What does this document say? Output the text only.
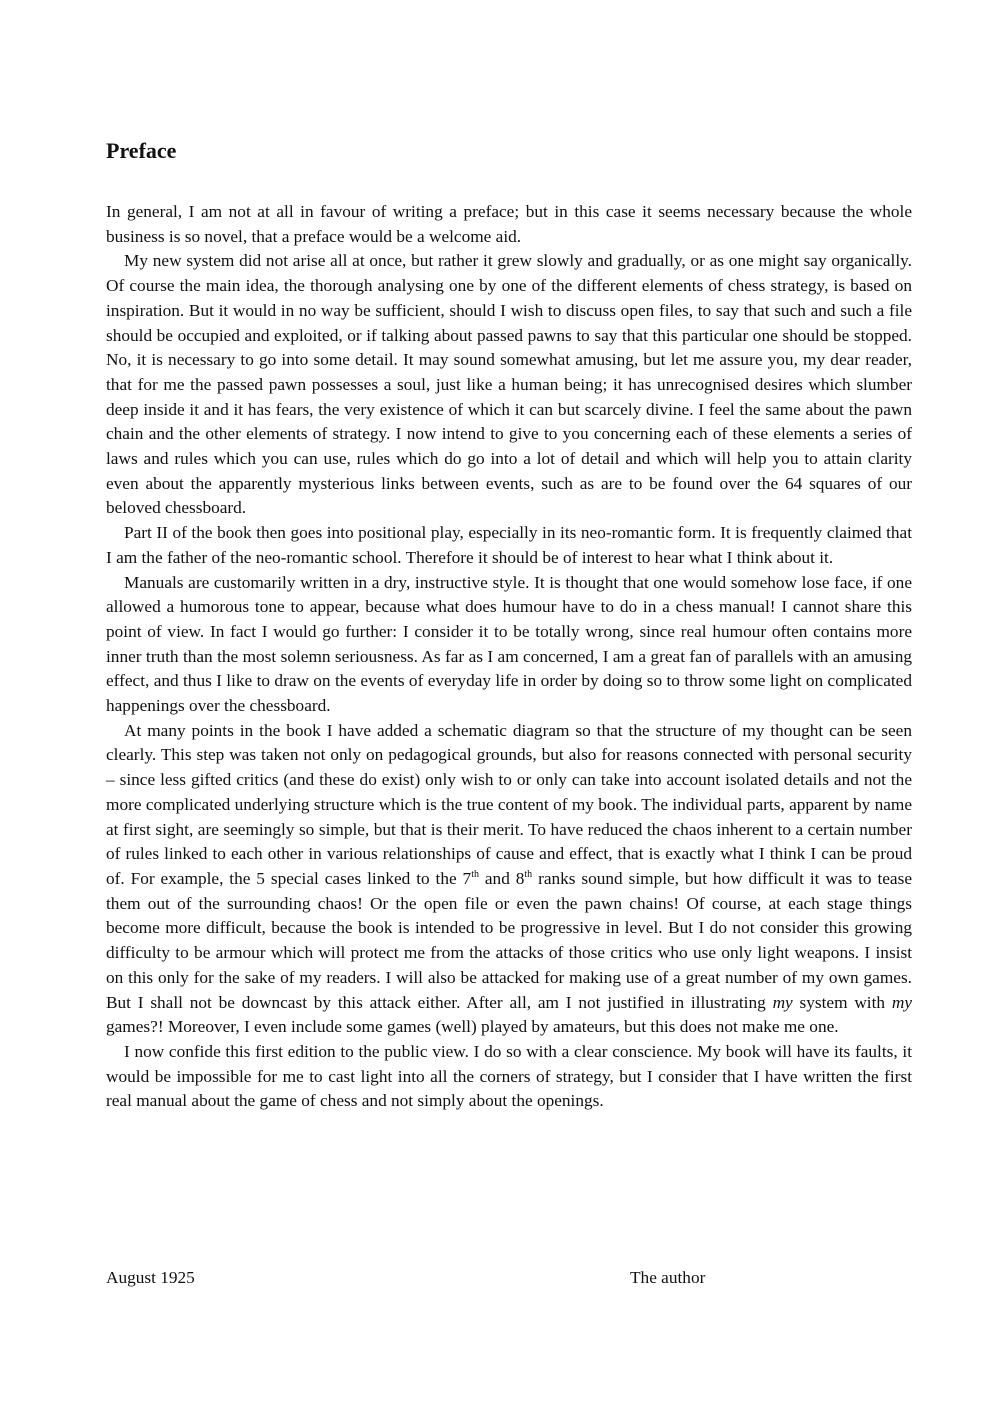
Preface

In general, I am not at all in favour of writing a preface; but in this case it seems necessary because the whole business is so novel, that a preface would be a welcome aid.

My new system did not arise all at once, but rather it grew slowly and gradually, or as one might say organically. Of course the main idea, the thorough analysing one by one of the different elements of chess strategy, is based on inspiration. But it would in no way be sufficient, should I wish to discuss open files, to say that such and such a file should be occupied and exploited, or if talking about passed pawns to say that this particular one should be stopped. No, it is necessary to go into some detail. It may sound somewhat amusing, but let me assure you, my dear reader, that for me the passed pawn possesses a soul, just like a human being; it has unrecognised desires which slumber deep inside it and it has fears, the very existence of which it can but scarcely divine. I feel the same about the pawn chain and the other elements of strategy. I now intend to give to you concerning each of these elements a series of laws and rules which you can use, rules which do go into a lot of detail and which will help you to attain clarity even about the apparently mysterious links between events, such as are to be found over the 64 squares of our beloved chessboard.

Part II of the book then goes into positional play, especially in its neo-romantic form. It is frequently claimed that I am the father of the neo-romantic school. Therefore it should be of interest to hear what I think about it.

Manuals are customarily written in a dry, instructive style. It is thought that one would somehow lose face, if one allowed a humorous tone to appear, because what does humour have to do in a chess manual! I cannot share this point of view. In fact I would go further: I consider it to be totally wrong, since real humour often contains more inner truth than the most solemn seriousness. As far as I am concerned, I am a great fan of parallels with an amusing effect, and thus I like to draw on the events of everyday life in order by doing so to throw some light on complicated happenings over the chessboard.

At many points in the book I have added a schematic diagram so that the structure of my thought can be seen clearly. This step was taken not only on pedagogical grounds, but also for reasons connected with personal security – since less gifted critics (and these do exist) only wish to or only can take into account isolated details and not the more complicated underlying structure which is the true content of my book. The individual parts, apparent by name at first sight, are seemingly so simple, but that is their merit. To have reduced the chaos inherent to a certain number of rules linked to each other in various relationships of cause and effect, that is exactly what I think I can be proud of. For example, the 5 special cases linked to the 7th and 8th ranks sound simple, but how difficult it was to tease them out of the surrounding chaos! Or the open file or even the pawn chains! Of course, at each stage things become more difficult, because the book is intended to be progressive in level. But I do not consider this growing difficulty to be armour which will protect me from the attacks of those critics who use only light weapons. I insist on this only for the sake of my readers. I will also be attacked for making use of a great number of my own games. But I shall not be downcast by this attack either. After all, am I not justified in illustrating my system with my games?! Moreover, I even include some games (well) played by amateurs, but this does not make me one.

I now confide this first edition to the public view. I do so with a clear conscience. My book will have its faults, it would be impossible for me to cast light into all the corners of strategy, but I consider that I have written the first real manual about the game of chess and not simply about the openings.

August 1925	The author
